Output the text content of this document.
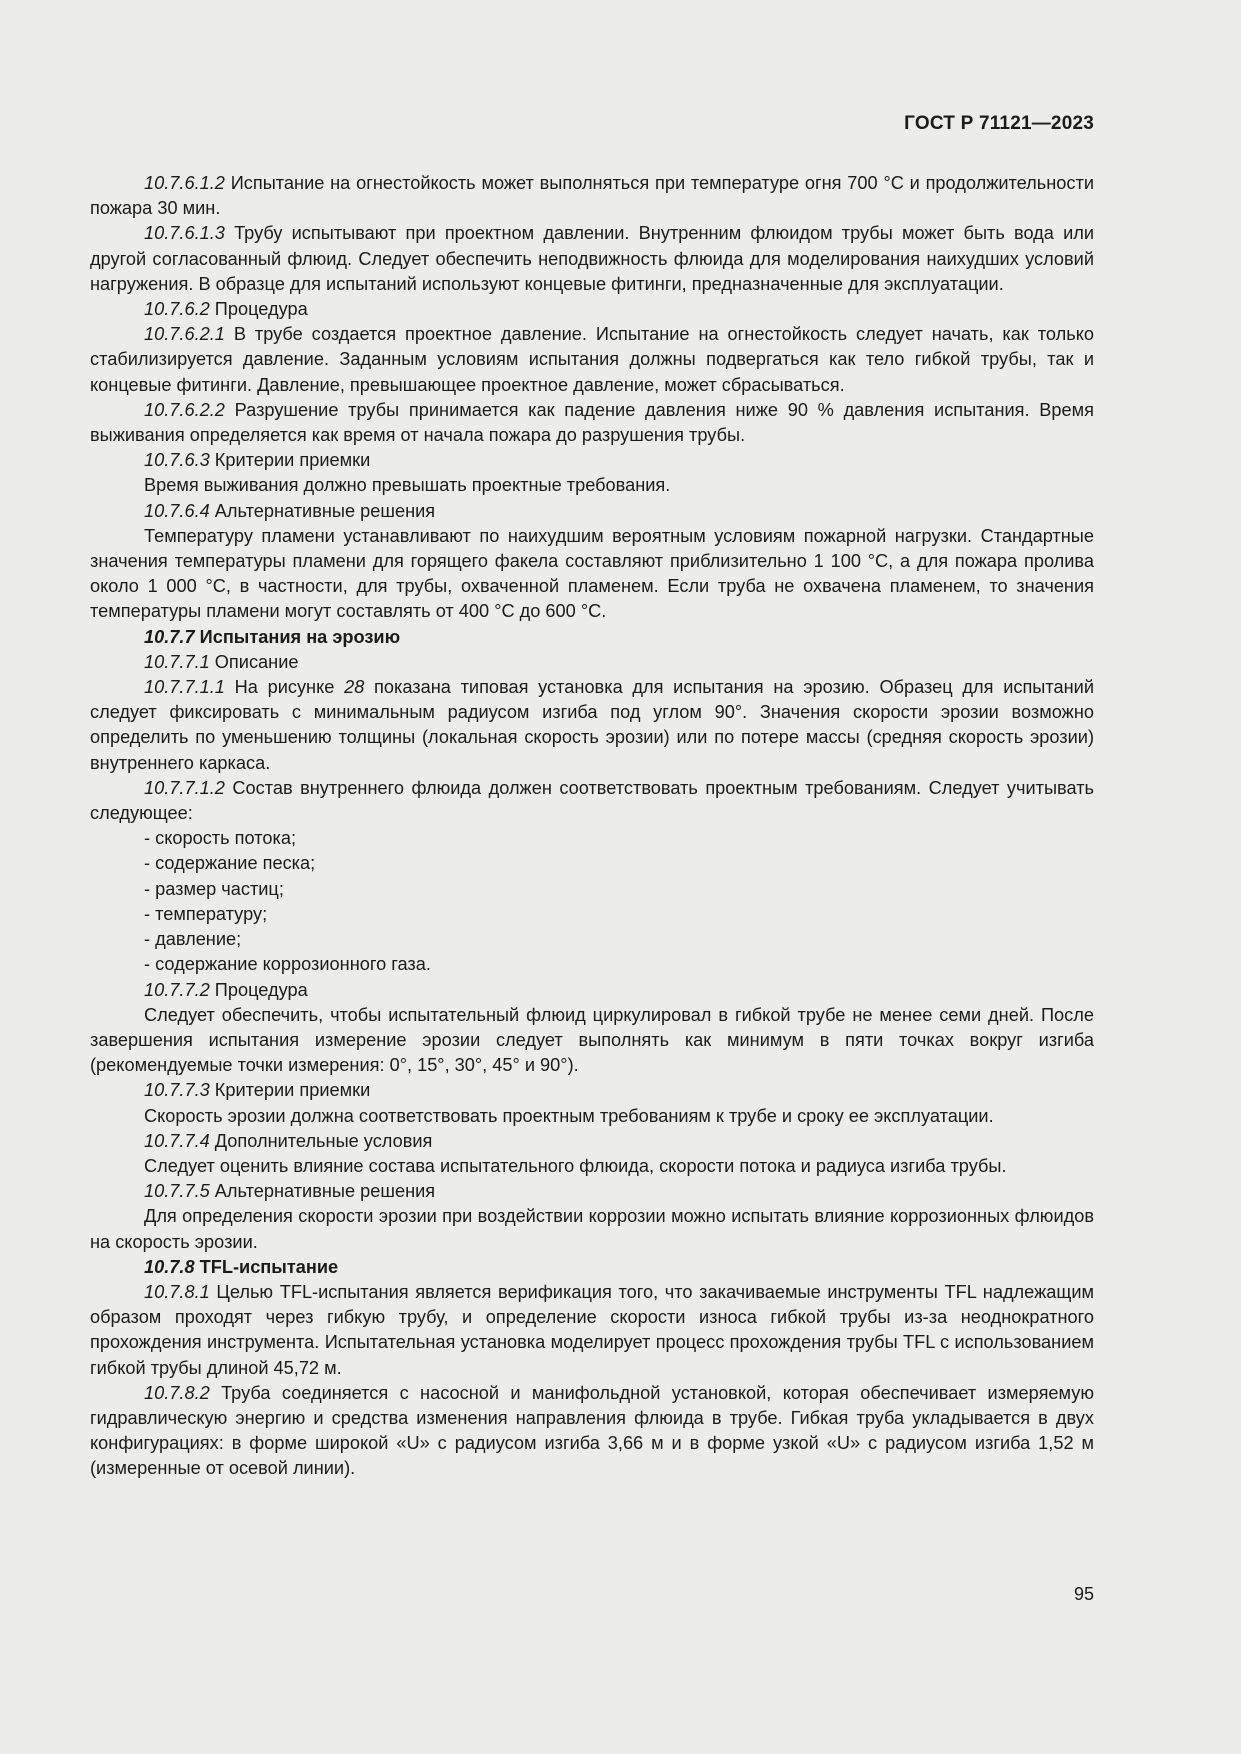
ГОСТ Р 71121—2023

10.7.6.1.2 Испытание на огнестойкость может выполняться при температуре огня 700 °С и продолжительности пожара 30 мин.

10.7.6.1.3 Трубу испытывают при проектном давлении. Внутренним флюидом трубы может быть вода или другой согласованный флюид. Следует обеспечить неподвижность флюида для моделирования наихудших условий нагружения. В образце для испытаний используют концевые фитинги, предназначенные для эксплуатации.

10.7.6.2 Процедура

10.7.6.2.1 В трубе создается проектное давление. Испытание на огнестойкость следует начать, как только стабилизируется давление. Заданным условиям испытания должны подвергаться как тело гибкой трубы, так и концевые фитинги. Давление, превышающее проектное давление, может сбрасываться.

10.7.6.2.2 Разрушение трубы принимается как падение давления ниже 90 % давления испытания. Время выживания определяется как время от начала пожара до разрушения трубы.

10.7.6.3 Критерии приемки

Время выживания должно превышать проектные требования.

10.7.6.4 Альтернативные решения

Температуру пламени устанавливают по наихудшим вероятным условиям пожарной нагрузки. Стандартные значения температуры пламени для горящего факела составляют приблизительно 1 100 °С, а для пожара пролива около 1 000 °С, в частности, для трубы, охваченной пламенем. Если труба не охвачена пламенем, то значения температуры пламени могут составлять от 400 °С до 600 °С.

10.7.7 Испытания на эрозию

10.7.7.1 Описание

10.7.7.1.1 На рисунке 28 показана типовая установка для испытания на эрозию. Образец для испытаний следует фиксировать с минимальным радиусом изгиба под углом 90°. Значения скорости эрозии возможно определить по уменьшению толщины (локальная скорость эрозии) или по потере массы (средняя скорость эрозии) внутреннего каркаса.

10.7.7.1.2 Состав внутреннего флюида должен соответствовать проектным требованиям. Следует учитывать следующее:

- скорость потока;

- содержание песка;

- размер частиц;

- температуру;

- давление;

- содержание коррозионного газа.

10.7.7.2 Процедура

Следует обеспечить, чтобы испытательный флюид циркулировал в гибкой трубе не менее семи дней. После завершения испытания измерение эрозии следует выполнять как минимум в пяти точках вокруг изгиба (рекомендуемые точки измерения: 0°, 15°, 30°, 45° и 90°).

10.7.7.3 Критерии приемки

Скорость эрозии должна соответствовать проектным требованиям к трубе и сроку ее эксплуатации.

10.7.7.4 Дополнительные условия

Следует оценить влияние состава испытательного флюида, скорости потока и радиуса изгиба трубы.

10.7.7.5 Альтернативные решения

Для определения скорости эрозии при воздействии коррозии можно испытать влияние коррозионных флюидов на скорость эрозии.

10.7.8 TFL-испытание

10.7.8.1 Целью TFL-испытания является верификация того, что закачиваемые инструменты TFL надлежащим образом проходят через гибкую трубу, и определение скорости износа гибкой трубы из-за неоднократного прохождения инструмента. Испытательная установка моделирует процесс прохождения трубы TFL с использованием гибкой трубы длиной 45,72 м.

10.7.8.2 Труба соединяется с насосной и манифольдной установкой, которая обеспечивает измеряемую гидравлическую энергию и средства изменения направления флюида в трубе. Гибкая труба укладывается в двух конфигурациях: в форме широкой «U» с радиусом изгиба 3,66 м и в форме узкой «U» с радиусом изгиба 1,52 м (измеренные от осевой линии).

95
